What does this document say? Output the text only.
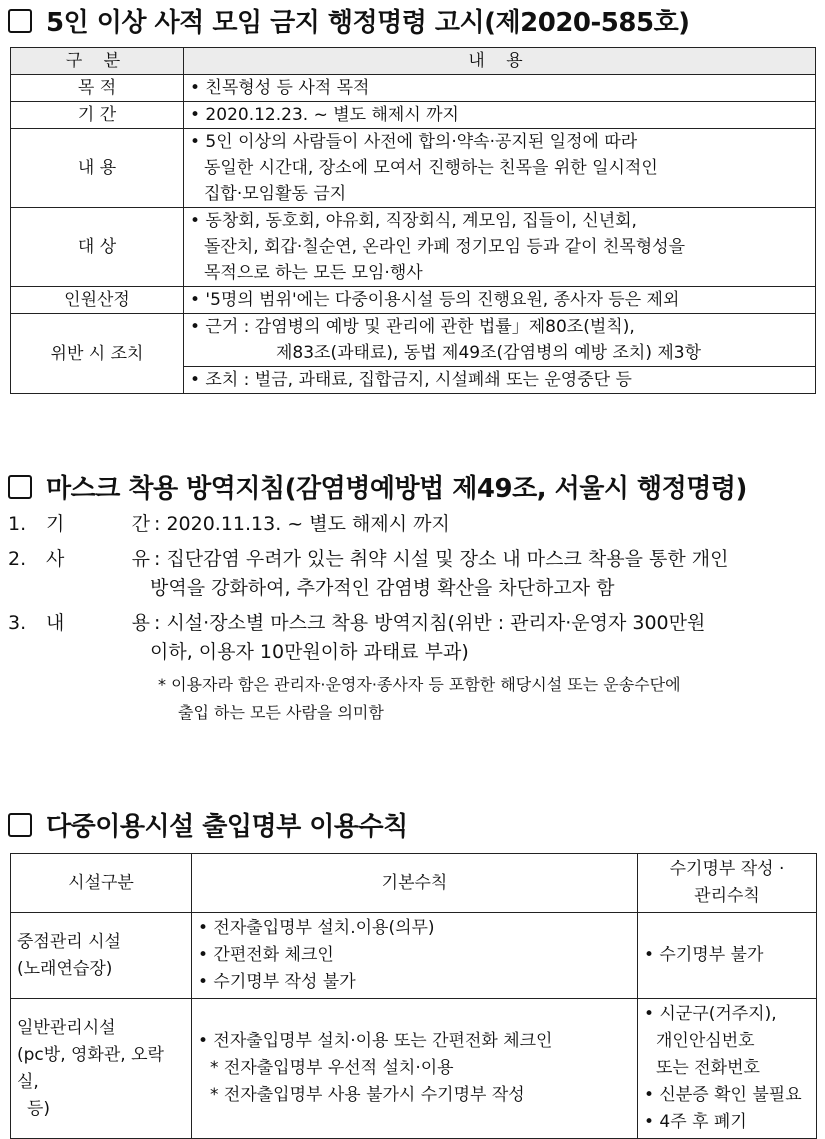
5인 이상 사적 모임 금지 행정명령 고시(제2020-585호)
구 분	내 용
목 적	• 친목형성 등 사적 목적
기 간	• 2020.12.23. ~ 별도 해제시 까지
내 용	• 5인 이상의 사람들이 사전에 합의·약속·공지된 일정에 따라
동일한 시간대, 장소에 모여서 진행하는 친목을 위한 일시적인
집합·모임활동 금지

대 상	• 동창회, 동호회, 야유회, 직장회식, 계모임, 집들이, 신년회,
돌잔치, 회갑·칠순연, 온라인 카페 정기모임 등과 같이 친목형성을
목적으로 하는 모든 모임·행사

인원산정	• '5명의 범위'에는 다중이용시설 등의 진행요원, 종사자 등은 제외
위반 시 조치	• 근거 : 감염병의 예방 및 관리에 관한 법률」제80조(벌칙),
제83조(과태료), 동법 제49조(감염병의 예방 조치) 제3항

	• 조치 : 벌금, 과태료, 집합금지, 시설폐쇄 또는 운영중단 등
마스크 착용 방역지침(감염병예방법 제49조, 서울시 행정명령)
1.	기	간 : 2020.11.13. ~ 별도 해제시 까지
2.	사	유 : 집단감염 우려가 있는 취약 시설 및 장소 내 마스크 착용을 통한 개인
방역을 강화하여, 추가적인 감염병 확산을 차단하고자 함
3.	내	용 : 시설·장소별 마스크 착용 방역지침(위반 : 관리자·운영자 300만원
이하, 이용자 10만원이하 과태료 부과)
* 이용자라 함은 관리자·운영자·종사자 등 포함한 해당시설 또는 운송수단에
출입 하는 모든 사람을 의미함
다중이용시설 출입명부 이용수칙
시설구분	기본수칙	수기명부 작성 ·
관리수칙

중점관리 시설
(노래연습장)	• 전자출입명부 설치.이용(의무)
• 간편전화 체크인
• 수기명부 작성 불가	• 수기명부 불가

일반관리시설
(pc방, 영화관, 오락실,
등)	• 전자출입명부 설치·이용 또는 간편전화 체크인
* 전자출입명부 우선적 설치·이용
* 전자출입명부 사용 불가시 수기명부 작성	• 시군구(거주지),
개인안심번호
또는 전화번호
• 신분증 확인 불필요
• 4주 후 폐기
